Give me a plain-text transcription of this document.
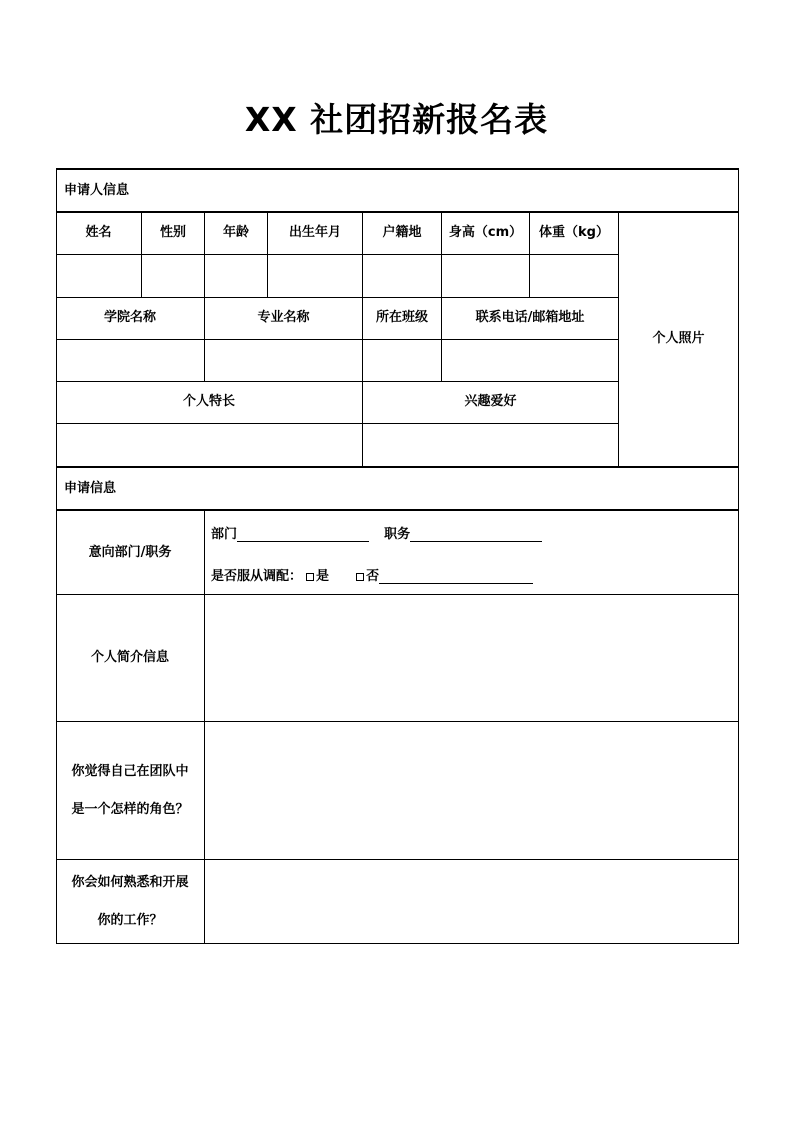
XX 社团招新报名表
申请人信息
姓名	性别	年龄	出生年月	户籍地	身高（cm）	体重（kg）
学院名称	专业名称	所在班级	联系电话/邮箱地址
个人特长	兴趣爱好
个人照片
申请信息
意向部门/职务
部门	职务
是否服从调配： 是	否
个人简介信息
你觉得自己在团队中
是一个怎样的角色？
你会如何熟悉和开展
你的工作？
